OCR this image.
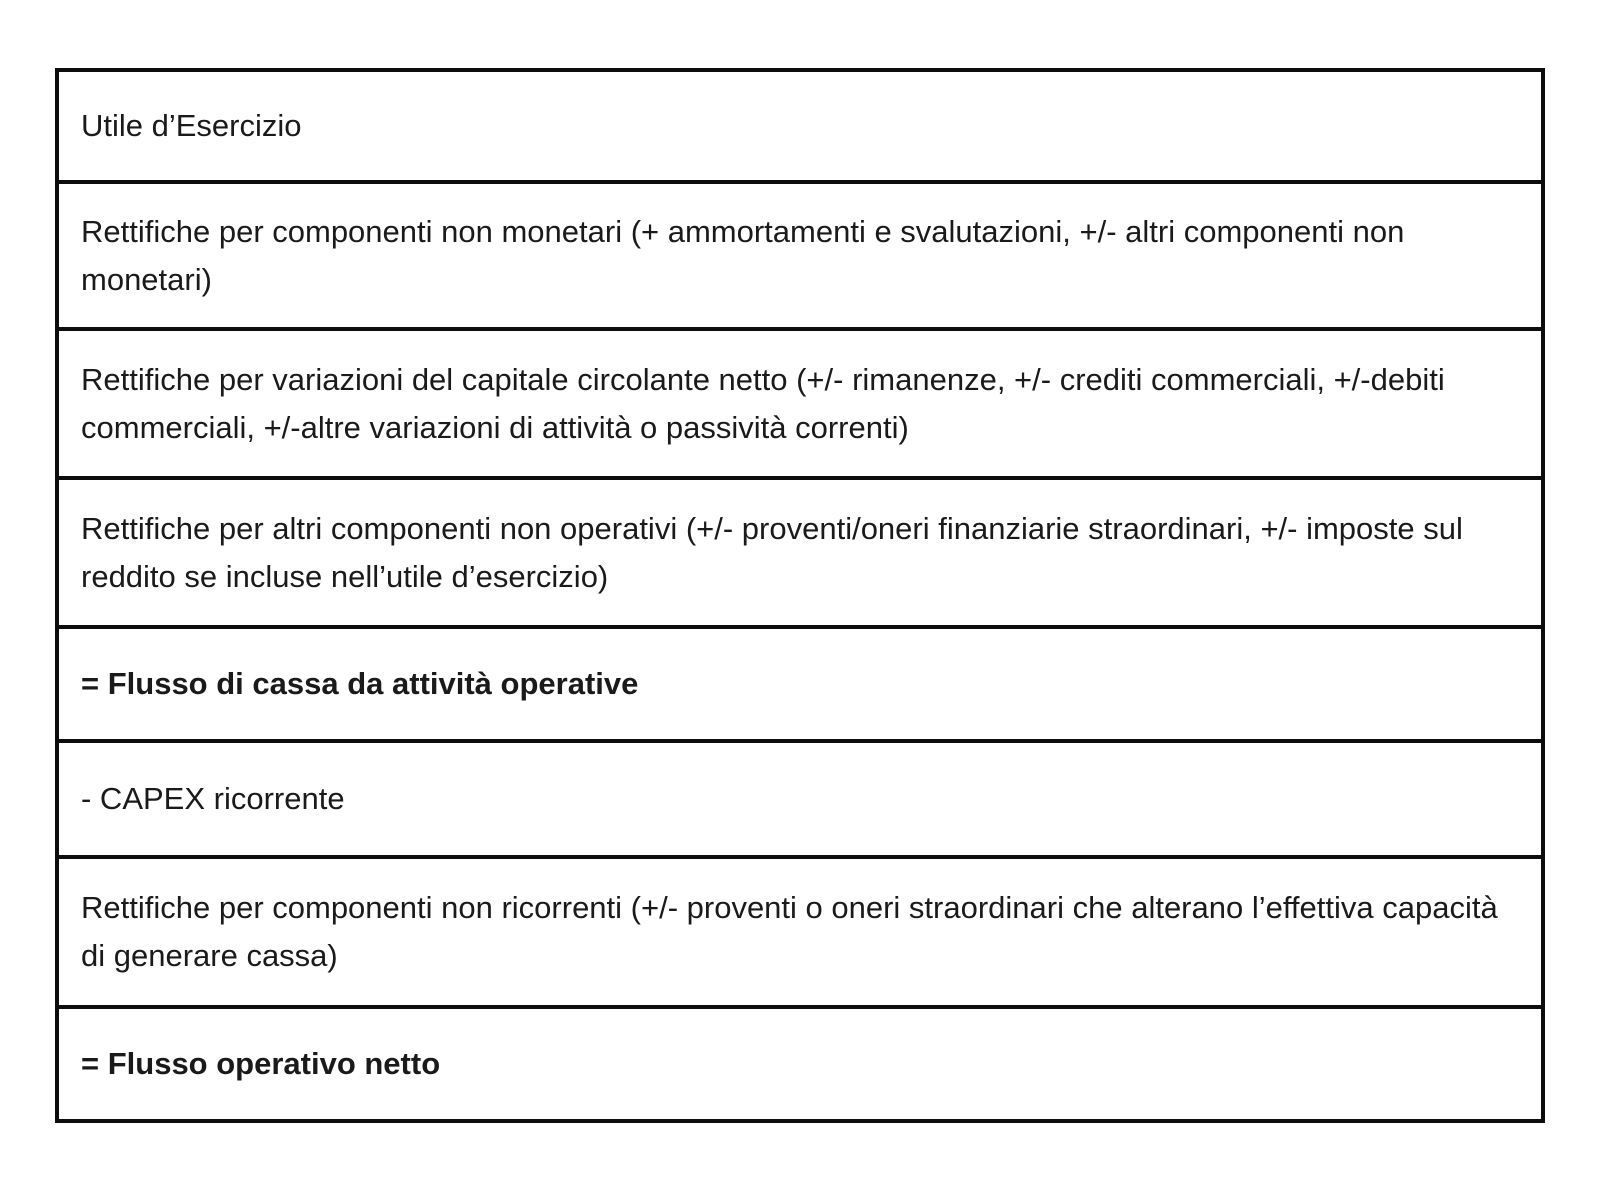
Utile d’Esercizio
Rettifiche per componenti non monetari (+ ammortamenti e svalutazioni, +/- altri componenti non monetari)
Rettifiche per variazioni del capitale circolante netto (+/- rimanenze, +/- crediti commerciali, +/-debiti commerciali, +/-altre variazioni di attività o passività correnti)
Rettifiche per altri componenti non operativi (+/- proventi/oneri finanziarie straordinari, +/- imposte sul reddito se incluse nell’utile d’esercizio)
= Flusso di cassa da attività operative
- CAPEX ricorrente
Rettifiche per componenti non ricorrenti (+/- proventi o oneri straordinari che alterano l’effettiva capacità di generare cassa)
= Flusso operativo netto
